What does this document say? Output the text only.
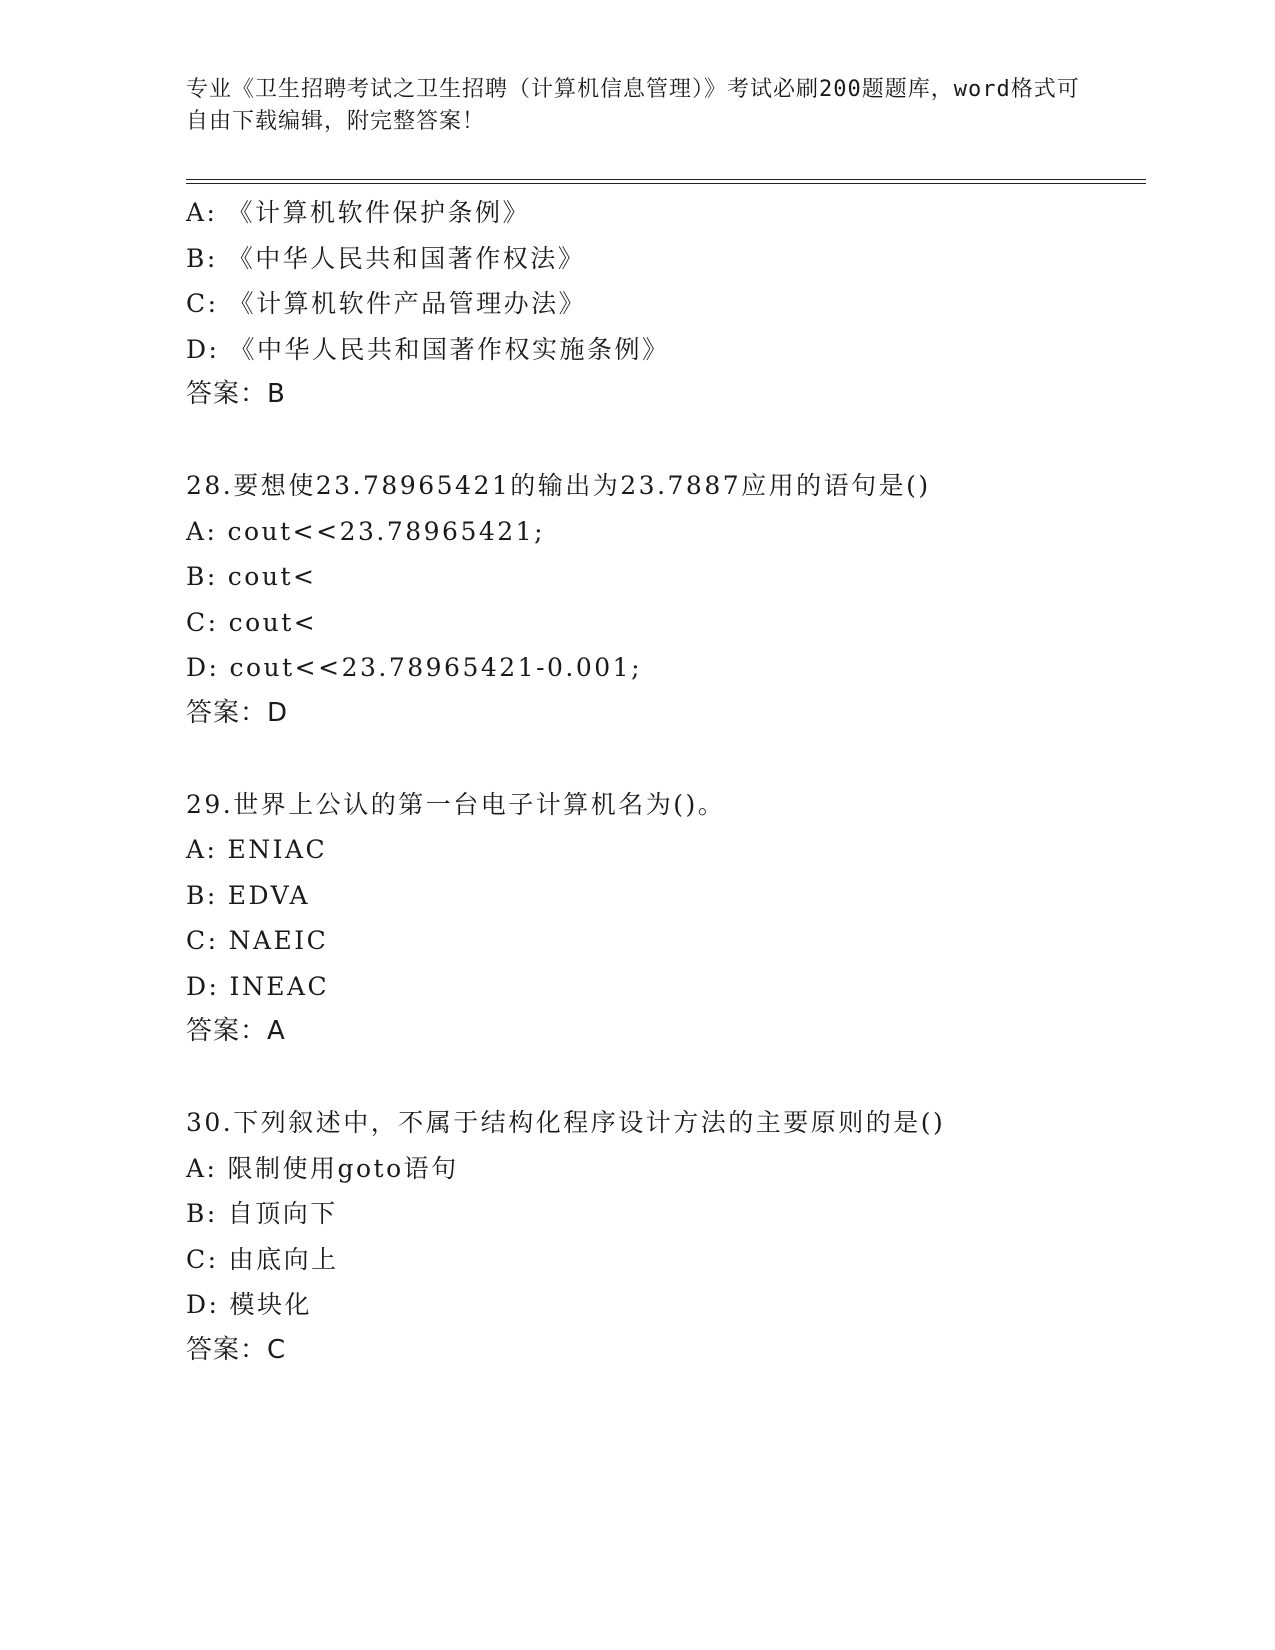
专业《卫生招聘考试之卫生招聘（计算机信息管理）》考试必刷200题题库，word格式可自由下载编辑，附完整答案！
A: 《计算机软件保护条例》
B: 《中华人民共和国著作权法》
C: 《计算机软件产品管理办法》
D: 《中华人民共和国著作权实施条例》
答案：B
28.要想使23.78965421的输出为23.7887应用的语句是()
A: cout<<23.78965421;
B: cout<
C: cout<
D: cout<<23.78965421-0.001;
答案：D
29.世界上公认的第一台电子计算机名为()。
A: ENIAC
B: EDVA
C: NAEIC
D: INEAC
答案：A
30.下列叙述中，不属于结构化程序设计方法的主要原则的是()
A: 限制使用goto语句
B: 自顶向下
C: 由底向上
D: 模块化
答案：C
